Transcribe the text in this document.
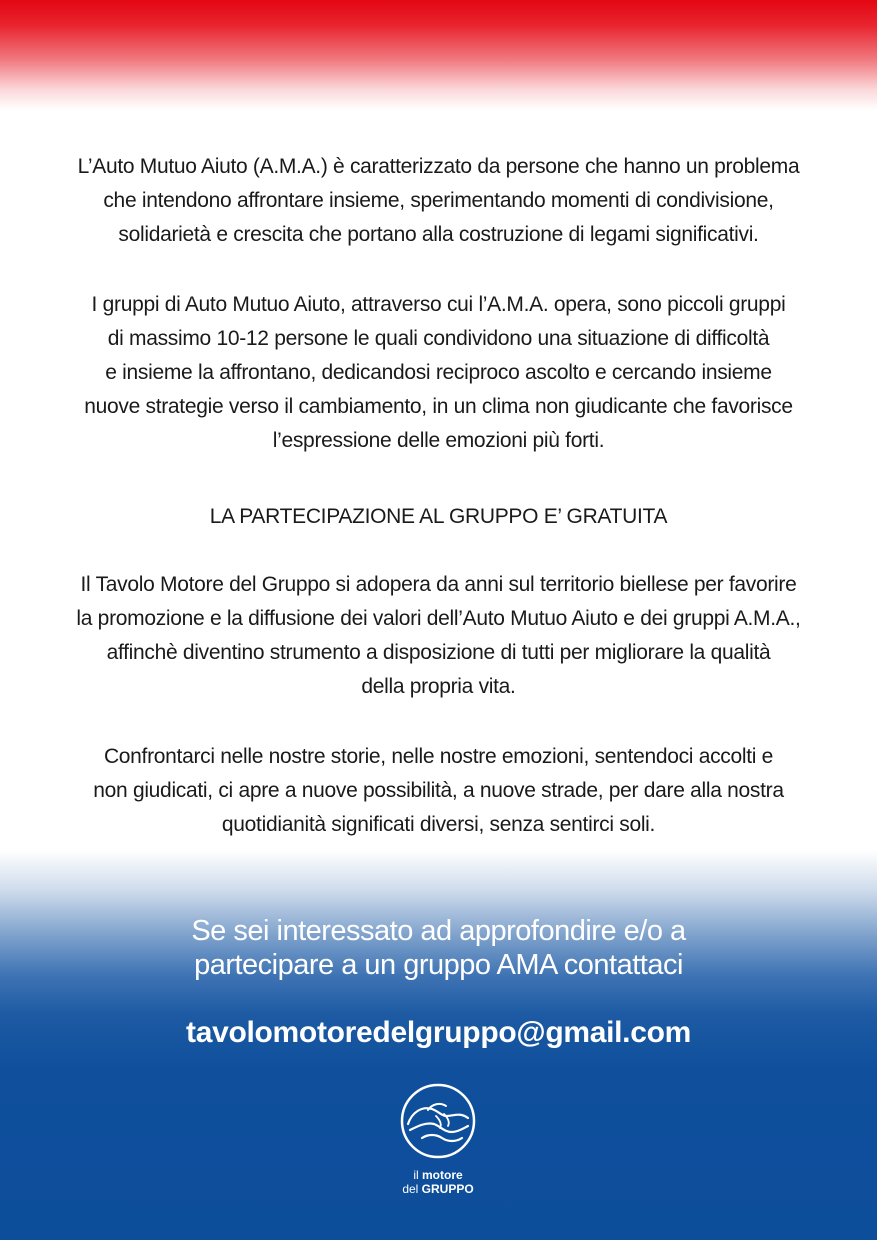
L’Auto Mutuo Aiuto (A.M.A.) è caratterizzato da persone che hanno un problema
che intendono affrontare insieme, sperimentando momenti di condivisione,
solidarietà e crescita che portano alla costruzione di legami significativi.
I gruppi di Auto Mutuo Aiuto, attraverso cui l’A.M.A. opera, sono piccoli gruppi
di massimo 10-12 persone le quali condividono una situazione di difficoltà
e insieme la affrontano, dedicandosi reciproco ascolto e cercando insieme
nuove strategie verso il cambiamento, in un clima non giudicante che favorisce
l’espressione delle emozioni più forti.
LA PARTECIPAZIONE AL GRUPPO E’ GRATUITA
Il Tavolo Motore del Gruppo si adopera da anni sul territorio biellese per favorire
la promozione e la diffusione dei valori dell’Auto Mutuo Aiuto e dei gruppi A.M.A.,
affinchè diventino strumento a disposizione di tutti per migliorare la qualità
della propria vita.
Confrontarci nelle nostre storie, nelle nostre emozioni, sentendoci accolti e
non giudicati, ci apre a nuove possibilità, a nuove strade, per dare alla nostra
quotidianità significati diversi, senza sentirci soli.
Se sei interessato ad approfondire e/o a
partecipare a un gruppo AMA contattaci
tavolomotoredelgruppo@gmail.com
il motore
del GRUPPO
